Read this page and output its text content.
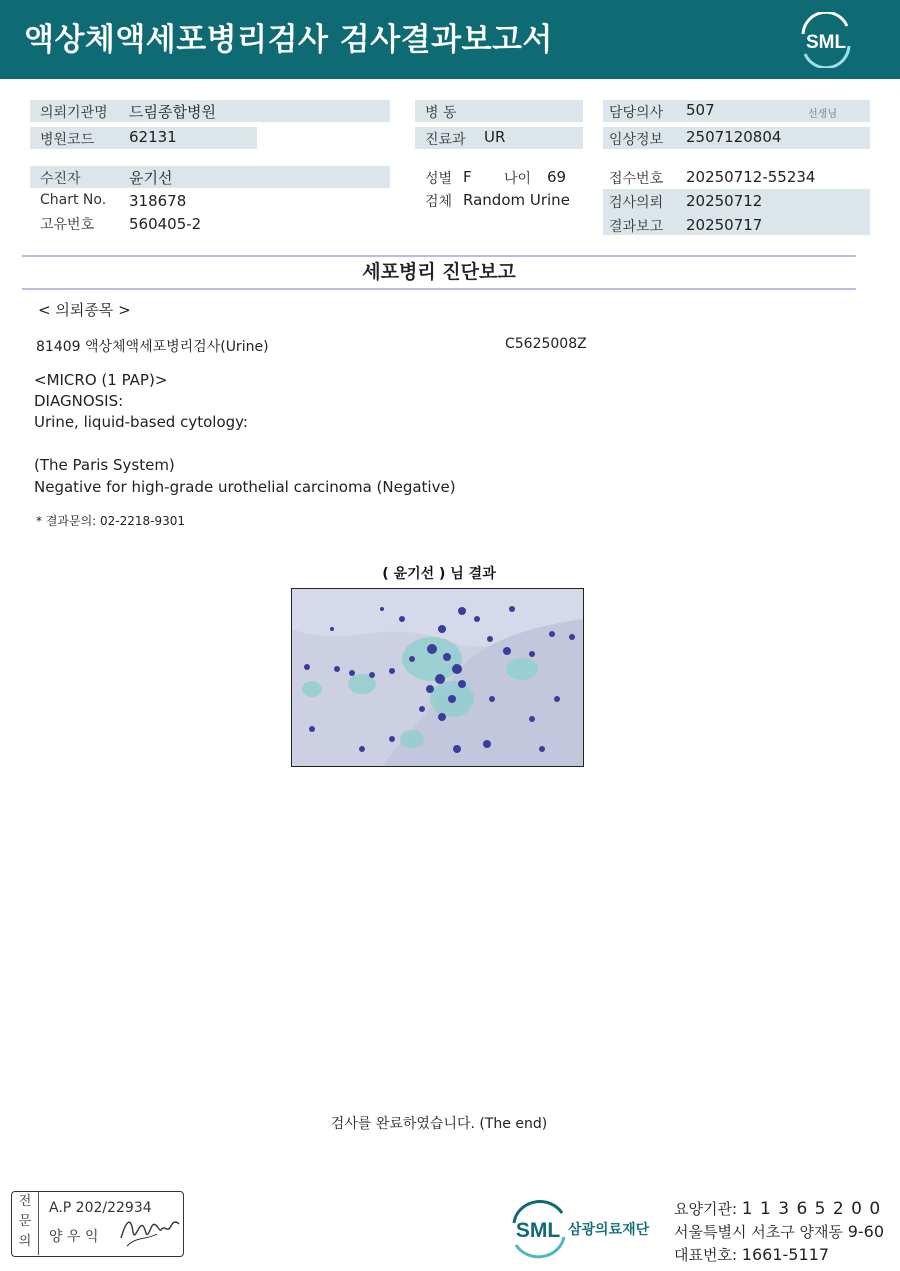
액상체액세포병리검사 검사결과보고서	SML
의뢰기관명 드림종합병원
병원코드 62131
병 동
진료과 UR
담당의사 507	선생님
임상정보 2507120804
수진자	윤기선
Chart No. 318678
고유번호 560405-2
성별 F 나이 69
검체 Random Urine
접수번호 20250712-55234
검사의뢰 20250712
결과보고 20250717
세포병리 진단보고
< 의뢰종목 >
81409 액상체액세포병리검사(Urine)	C5625008Z
<MICRO (1 PAP)>
DIAGNOSIS:
Urine, liquid-based cytology:
(The Paris System)
Negative for high-grade urothelial carcinoma (Negative)
* 결과문의: 02-2218-9301
( 윤기선 ) 님 결과
검사를 완료하였습니다. (The end)
전
문
의
A.P 202/22934
양 우 익	SML 삼광의료재단
요양기관: 1 1 3 6 5 2 0 0
서울특별시 서초구 양재동 9-60
대표번호: 1661-5117
